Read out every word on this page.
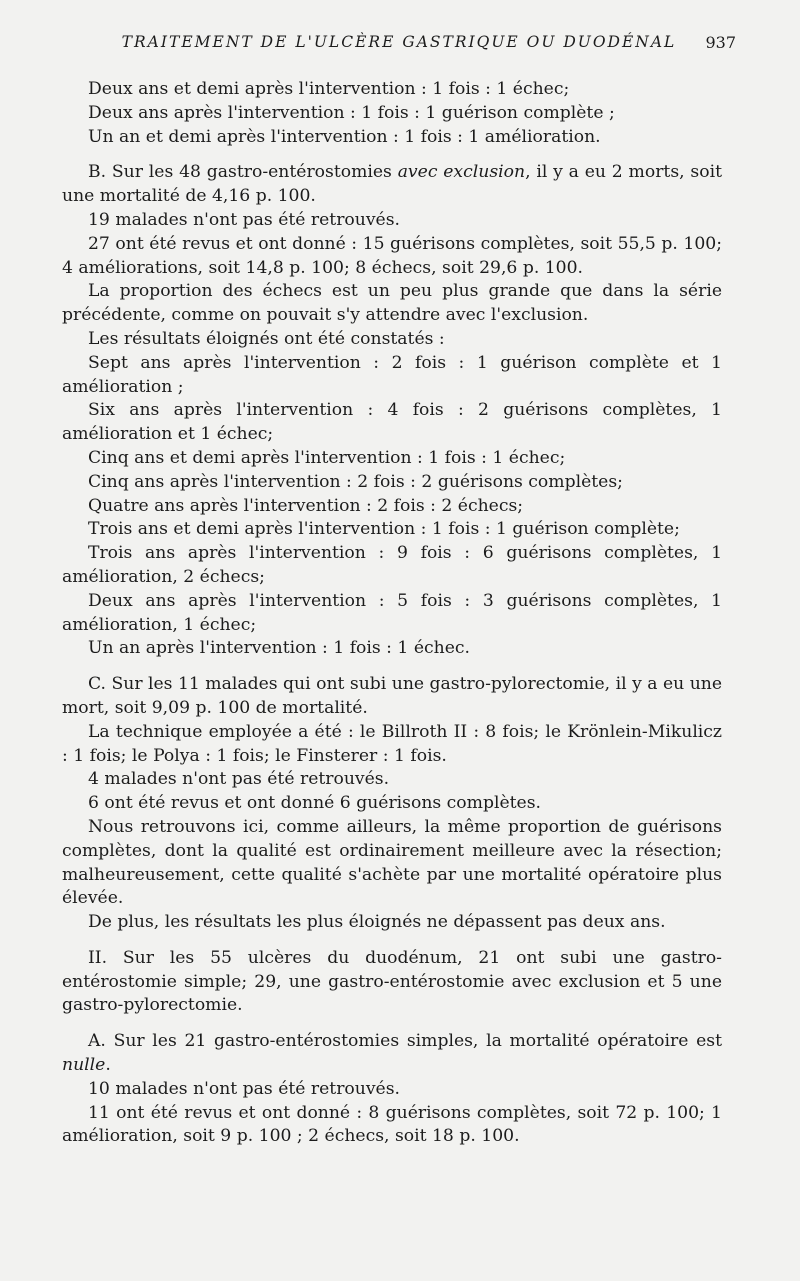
TRAITEMENT DE L'ULCÈRE GASTRIQUE OU DUODÉNAL	937

Deux ans et demi après l'intervention : 1 fois : 1 échec;

Deux ans après l'intervention : 1 fois : 1 guérison complète ;

Un an et demi après l'intervention : 1 fois : 1 amélioration.

B. Sur les 48 gastro-entérostomies avec exclusion, il y a eu 2 morts, soit une mortalité de 4,16 p. 100.

19 malades n'ont pas été retrouvés.

27 ont été revus et ont donné : 15 guérisons complètes, soit 55,5 p. 100; 4 améliorations, soit 14,8 p. 100; 8 échecs, soit 29,6 p. 100.

La proportion des échecs est un peu plus grande que dans la série précédente, comme on pouvait s'y attendre avec l'exclusion.

Les résultats éloignés ont été constatés :

Sept ans après l'intervention : 2 fois : 1 guérison complète et 1 amélioration ;

Six ans après l'intervention : 4 fois : 2 guérisons complètes, 1 amélioration et 1 échec;

Cinq ans et demi après l'intervention : 1 fois : 1 échec;

Cinq ans après l'intervention : 2 fois : 2 guérisons complètes;

Quatre ans après l'intervention : 2 fois : 2 échecs;

Trois ans et demi après l'intervention : 1 fois : 1 guérison complète;

Trois ans après l'intervention : 9 fois : 6 guérisons complètes, 1 amélioration, 2 échecs;

Deux ans après l'intervention : 5 fois : 3 guérisons complètes, 1 amélioration, 1 échec;

Un an après l'intervention : 1 fois : 1 échec.

C. Sur les 11 malades qui ont subi une gastro-pylorectomie, il y a eu une mort, soit 9,09 p. 100 de mortalité.

La technique employée a été : le Billroth II : 8 fois; le Krönlein-Mikulicz : 1 fois; le Polya : 1 fois; le Finsterer : 1 fois.

4 malades n'ont pas été retrouvés.

6 ont été revus et ont donné 6 guérisons complètes.

Nous retrouvons ici, comme ailleurs, la même proportion de guérisons complètes, dont la qualité est ordinairement meilleure avec la résection; malheureusement, cette qualité s'achète par une mortalité opératoire plus élevée.

De plus, les résultats les plus éloignés ne dépassent pas deux ans.

II. Sur les 55 ulcères du duodénum, 21 ont subi une gastro-entérostomie simple; 29, une gastro-entérostomie avec exclusion et 5 une gastro-pylorectomie.

A. Sur les 21 gastro-entérostomies simples, la mortalité opératoire est nulle.

10 malades n'ont pas été retrouvés.

11 ont été revus et ont donné : 8 guérisons complètes, soit 72 p. 100; 1 amélioration, soit 9 p. 100 ; 2 échecs, soit 18 p. 100.
